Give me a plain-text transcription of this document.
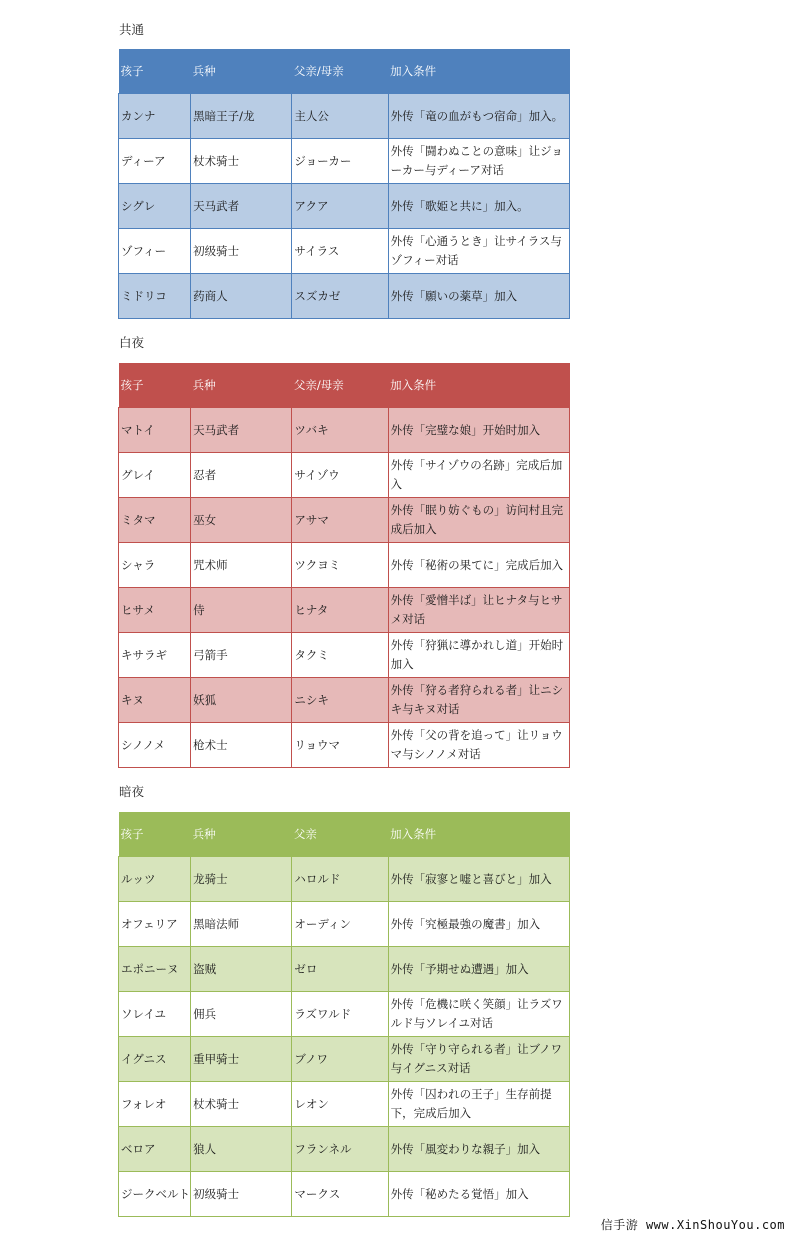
共通
孩子	兵种	父亲/母亲	加入条件
カンナ	黑暗王子/龙	主人公	外传「竜の血がもつ宿命」加入。
ディーア	杖术骑士	ジョーカー	外传「闘わぬことの意味」让ジョーカー与ディーア对话
シグレ	天马武者	アクア	外传「歌姫と共に」加入。
ゾフィー	初级骑士	サイラス	外传「心通うとき」让サイラス与ゾフィー对话
ミドリコ	药商人	スズカゼ	外传「願いの薬草」加入
白夜
孩子	兵种	父亲/母亲	加入条件
マトイ	天马武者	ツバキ	外传「完璧な娘」开始时加入
グレイ	忍者	サイゾウ	外传「サイゾウの名跡」完成后加入
ミタマ	巫女	アサマ	外传「眠り妨ぐもの」访问村且完成后加入
シャラ	咒术师	ツクヨミ	外传「秘術の果てに」完成后加入
ヒサメ	侍	ヒナタ	外传「愛憎半ば」让ヒナタ与ヒサメ对话
キサラギ	弓箭手	タクミ	外传「狩猟に導かれし道」开始时加入
キヌ	妖狐	ニシキ	外传「狩る者狩られる者」让ニシキ与キヌ对话
シノノメ	枪术士	リョウマ	外传「父の背を追って」让リョウマ与シノノメ对话
暗夜
孩子	兵种	父亲	加入条件
ルッツ	龙骑士	ハロルド	外传「寂寥と嘘と喜びと」加入
オフェリア	黑暗法师	オーディン	外传「究極最強の魔書」加入
エポニーヌ	盗贼	ゼロ	外传「予期せぬ遭遇」加入
ソレイユ	佣兵	ラズワルド	外传「危機に咲く笑顔」让ラズワルド与ソレイユ对话
イグニス	重甲骑士	ブノワ	外传「守り守られる者」让ブノワ与イグニス对话
フォレオ	杖术骑士	レオン	外传「囚われの王子」生存前提下，完成后加入
ベロア	狼人	フランネル	外传「風変わりな親子」加入
ジークベルト	初级骑士	マークス	外传「秘めたる覚悟」加入
信手游 www.XinShouYou.com
